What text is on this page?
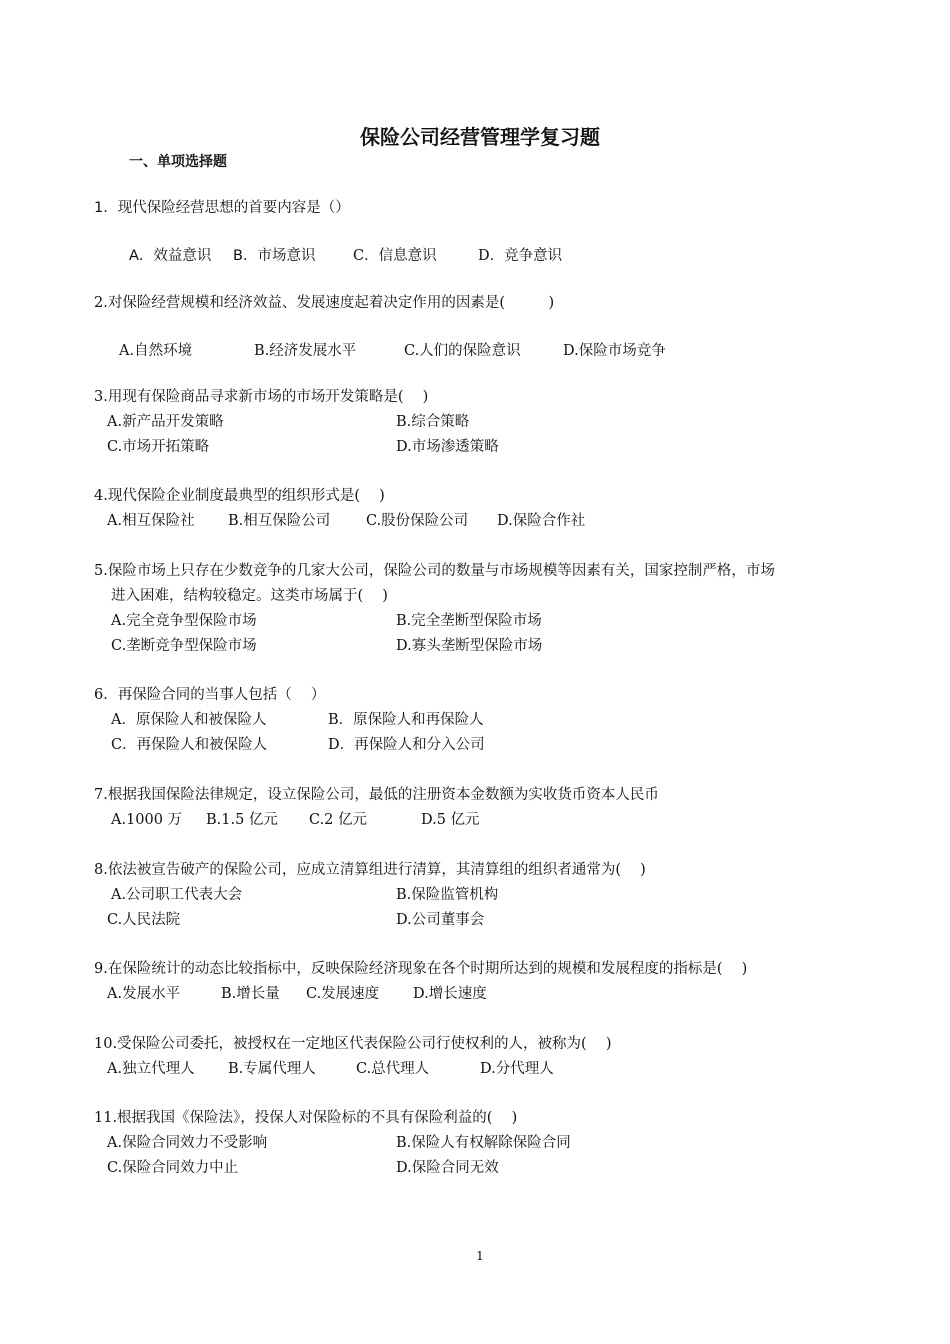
保险公司经营管理学复习题
一、单项选择题
1．现代保险经营思想的首要内容是（）
A．效益意识 B．市场意识	C．信息意识	D．竞争意识
2.对保险经营规模和经济效益、发展速度起着决定作用的因素是(　　　)
A.自然环境	B.经济发展水平	C.人们的保险意识	D.保险市场竞争
3.用现有保险商品寻求新市场的市场开发策略是(　 )
A.新产品开发策略	B.综合策略
C.市场开拓策略	D.市场渗透策略
4.现代保险企业制度最典型的组织形式是(　 )
A.相互保险社 B.相互保险公司 C.股份保险公司 D.保险合作社
5.保险市场上只存在少数竞争的几家大公司，保险公司的数量与市场规模等因素有关，国家控制严格，市场
进入困难，结构较稳定。这类市场属于(　 )
A.完全竞争型保险市场	B.完全垄断型保险市场
C.垄断竞争型保险市场	D.寡头垄断型保险市场
6．再保险合同的当事人包括（　 ）
A．原保险人和被保险人	B．原保险人和再保险人
C．再保险人和被保险人	D．再保险人和分入公司
7.根据我国保险法律规定，设立保险公司，最低的注册资本金数额为实收货币资本人民币
A.1000 万 B.1.5 亿元 C.2 亿元	D.5 亿元
8.依法被宣告破产的保险公司，应成立清算组进行清算，其清算组的组织者通常为(　 )
A.公司职工代表大会	B.保险监管机构
C.人民法院	D.公司董事会
9.在保险统计的动态比较指标中，反映保险经济现象在各个时期所达到的规模和发展程度的指标是(　 )
A.发展水平	B.增长量 C.发展速度 D.增长速度
10.受保险公司委托，被授权在一定地区代表保险公司行使权利的人，被称为(　 )
A.独立代理人 B.专属代理人	C.总代理人	D.分代理人
11.根据我国《保险法》，投保人对保险标的不具有保险利益的(　 )
A.保险合同效力不受影响	B.保险人有权解除保险合同
C.保险合同效力中止	D.保险合同无效
1
